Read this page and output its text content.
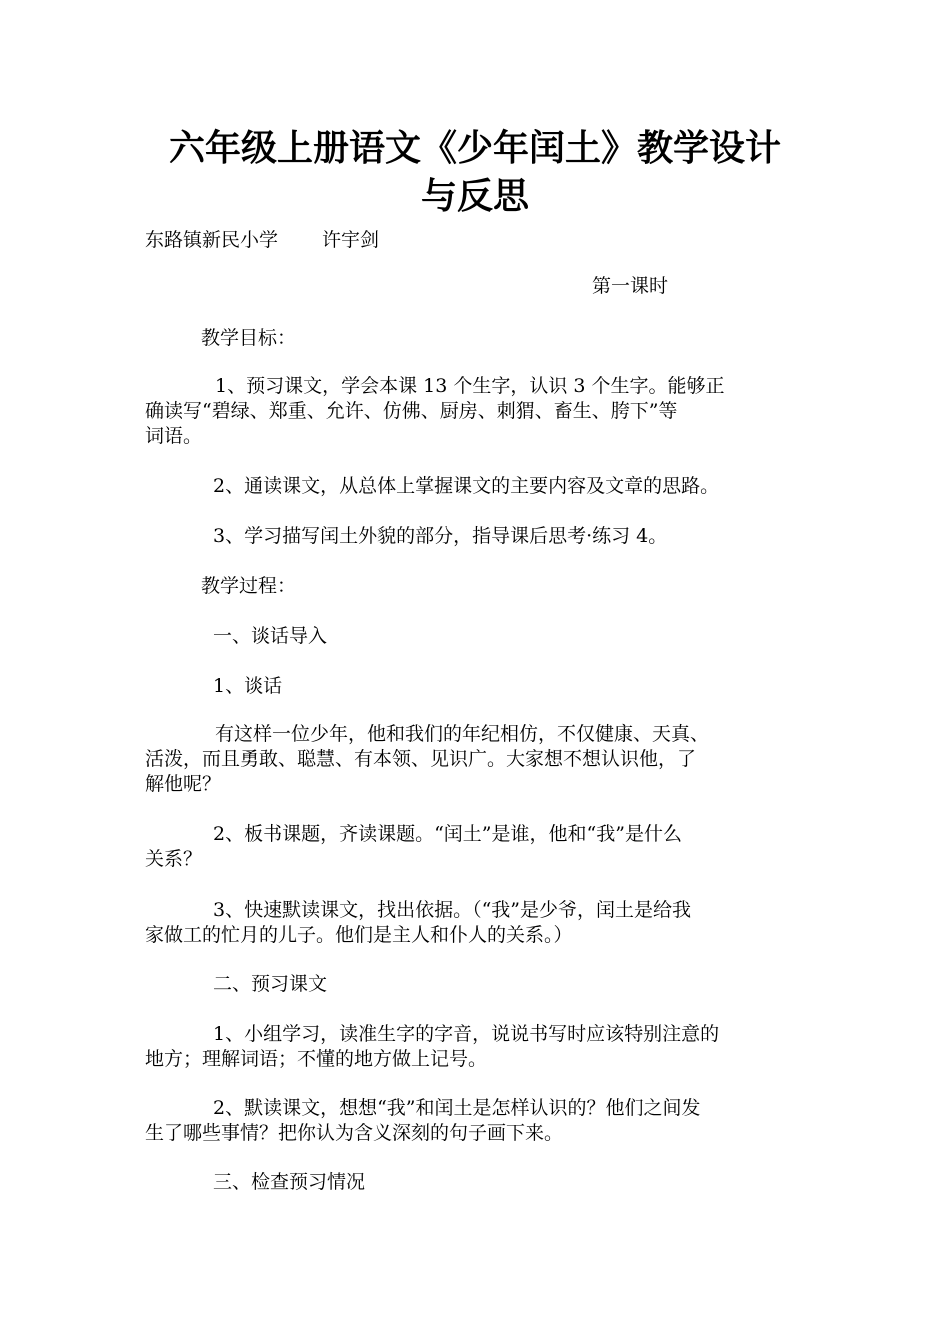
六年级上册语文《少年闰土》教学设计
与反思
东路镇新民小学 许宇剑
第一课时
教学目标：
1、预习课文，学会本课 13 个生字，认识 3 个生字。能够正
确读写“碧绿、郑重、允许、仿佛、厨房、刺猬、畜生、胯下”等
词语。
2、通读课文，从总体上掌握课文的主要内容及文章的思路。
3、学习描写闰土外貌的部分，指导课后思考·练习 4。
教学过程：
一、谈话导入
1、谈话
有这样一位少年，他和我们的年纪相仿，不仅健康、天真、
活泼，而且勇敢、聪慧、有本领、见识广。大家想不想认识他，了
解他呢？
2、板书课题，齐读课题。“闰土”是谁，他和“我”是什么
关系？
3、快速默读课文，找出依据。（“我”是少爷，闰土是给我
家做工的忙月的儿子。他们是主人和仆人的关系。）
二、预习课文
1、小组学习，读准生字的字音，说说书写时应该特别注意的
地方；理解词语；不懂的地方做上记号。
2、默读课文，想想“我”和闰土是怎样认识的？他们之间发
生了哪些事情？把你认为含义深刻的句子画下来。
三、检查预习情况
